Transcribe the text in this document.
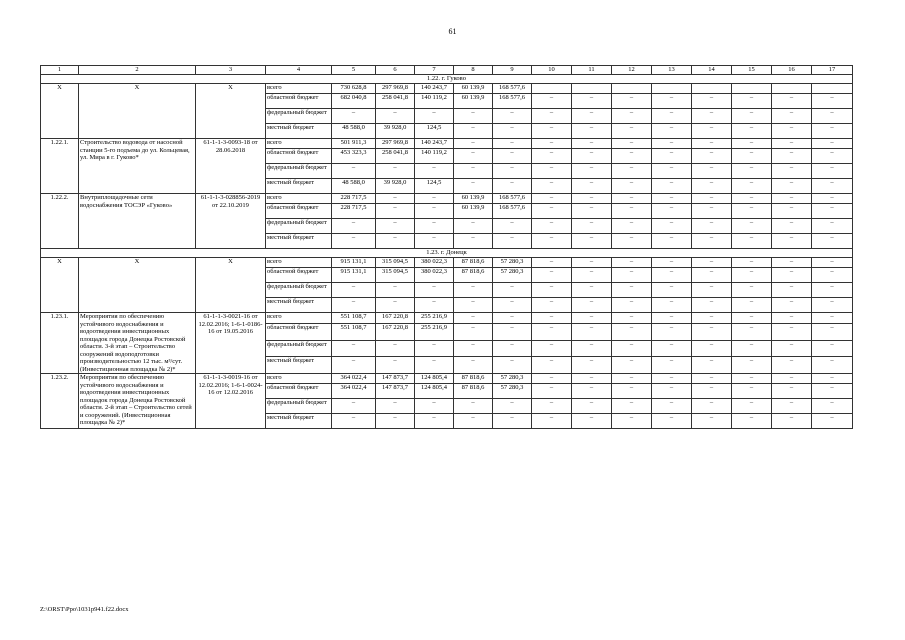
61
1	2	3	4	5	6	7	8	9	10	11	12	13	14	15	16	17
1.22. г. Гуково																
X	X	X	всего	730 628,8	297 969,8	140 243,7	60 139,9	168 577,6								
			областной бюджет	682 040,8	258 041,8	140 119,2	60 139,9	168 577,6	–	–	–	–	–	–	–	–
			федеральный бюджет	–	–	–	–	–	–	–	–	–	–	–	–	–
			местный бюджет	48 588,0	39 928,0	124,5	–	–	–	–	–	–	–	–	–	–
1.22.1.	Строительство водовода от насосной станции 5-го подъема до ул. Кольцевая, ул. Мира в г. Гуково*	61-1-1-3-0093-18 от 28.06.2018	всего	501 911,3	297 969,8	140 243,7	–	–	–	–	–	–	–	–	–	–
			областной бюджет	453 323,3	258 041,8	140 119,2	–	–	–	–	–	–	–	–	–	–
			федеральный бюджет	–	–	–	–	–	–	–	–	–	–	–	–	–
			местный бюджет	48 588,0	39 928,0	124,5	–	–	–	–	–	–	–	–	–	–
1.22.2.	Внутриплощадочные сети водоснабжения ТОСЭР «Гуково»	61-1-1-3-028856-2019 от 22.10.2019	всего	228 717,5	–	–	60 139,9	168 577,6	–	–	–	–	–	–	–	–
			областной бюджет	228 717,5	–	–	60 139,9	168 577,6	–	–	–	–	–	–	–	–
			федеральный бюджет	–	–	–	–	–	–	–	–	–	–	–	–	–
			местный бюджет	–	–	–	–	–	–	–	–	–	–	–	–	–
1.23. г. Донецк																
X	X	X	всего	915 131,1	315 094,5	380 022,3	87 818,6	57 280,3	–	–	–	–	–	–	–	–
			областной бюджет	915 131,1	315 094,5	380 022,3	87 818,6	57 280,3	–	–	–	–	–	–	–	–
			федеральный бюджет	–	–	–	–	–	–	–	–	–	–	–	–	–
			местный бюджет	–	–	–	–	–	–	–	–	–	–	–	–	–
1.23.1.	Мероприятия по обеспечению устойчивого водоснабжения и водоотведения инвестиционных площадок города Донецка Ростовской области. 3-й этап – Строительство сооружений водоподготовки производительностью 12 тыс. м³/сут. (Инвестиционная площадка № 2)*	61-1-1-3-0021-16 от 12.02.2016; 1-6-1-0186-16 от 19.05.2016	всего	551 108,7	167 220,8	255 216,9	–	–	–	–	–	–	–	–	–	–
			областной бюджет	551 108,7	167 220,8	255 216,9	–	–	–	–	–	–	–	–	–	–
			федеральный бюджет	–	–	–	–	–	–	–	–	–	–	–	–	–
			местный бюджет	–	–	–	–	–	–	–	–	–	–	–	–	–
1.23.2.	Мероприятия по обеспечению устойчивого водоснабжения и водоотведения инвестиционных площадок города Донецка Ростовской области. 2-й этап – Строительство сетей и сооружений. (Инвестиционная площадка № 2)*	61-1-1-3-0019-16 от 12.02.2016; 1-6-1-0024-16 от 12.02.2016	всего	364 022,4	147 873,7	124 805,4	87 818,6	57 280,3	–	–	–	–	–	–	–	–
			областной бюджет	364 022,4	147 873,7	124 805,4	87 818,6	57 280,3	–	–	–	–	–	–	–	–
			федеральный бюджет	–	–	–	–	–	–	–	–	–	–	–	–	–
			местный бюджет	–	–	–	–	–	–	–	–	–	–	–	–	–
Z:\ORST\Ppo\1031p941.f22.docx
